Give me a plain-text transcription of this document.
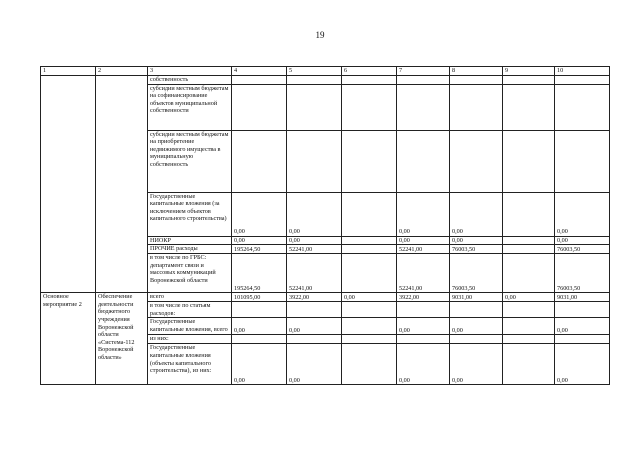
19
1	2	3	4	5	6	7	8	9	10
		собственность							
		субсидии местным бюджетам на софинансирование объектов муниципальной собственности							
		субсидии местным бюджетам на приобретение недвижимого имущества в муниципальную собственность							
		Государственные капитальные вложения (за исключением объектов капитального строительства)	0,00	0,00		0,00	0,00		0,00
		НИОКР	0,00	0,00		0,00	0,00		0,00
		ПРОЧИЕ расходы	195264,50	52241,00		52241,00	76003,50		76003,50
		в том числе по ГРБС: департамент связи и массовых коммуникаций Воронежской области	195264,50	52241,00		52241,00	76003,50		76003,50
Основное мероприятие 2	Обеспечение деятельности бюджетного учреждения Воронежской области «Система-112 Воронежской области»	всего	101095,00	3922,00	0,00	3922,00	9031,00	0,00	9031,00
		в том числе по статьям расходов:							
		Государственные капитальные вложения, всего	0,00	0,00		0,00	0,00		0,00
		из них:							
		Государственные капитальные вложения (объекты капитального строительства), из них:	0,00	0,00		0,00	0,00		0,00
